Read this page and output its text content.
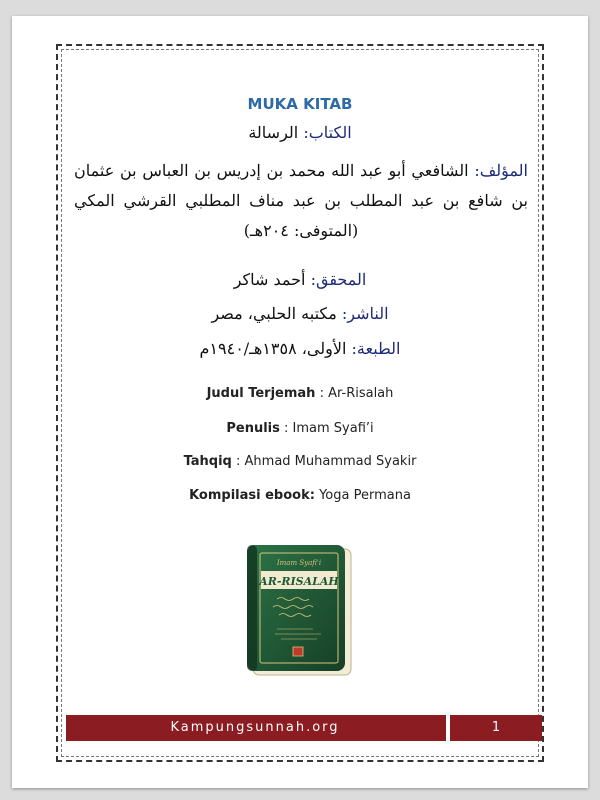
MUKA KITAB
الكتاب: الرسالة
المؤلف: الشافعي أبو عبد الله محمد بن إدريس بن العباس بن عثمان بن شافع بن عبد المطلب بن عبد مناف المطلبي القرشي المكي (المتوفى: ٢٠٤هـ)
المحقق: أحمد شاكر
الناشر: مكتبه الحلبي، مصر
الطبعة: الأولى، ١٣٥٨هـ/١٩٤٠م
Judul Terjemah : Ar-Risalah
Penulis : Imam Syafi’i
Tahqiq : Ahmad Muhammad Syakir
Kompilasi ebook: Yoga Permana
Imam Syafi'i
AR-RISALAH
Kampungsunnah.org	1
